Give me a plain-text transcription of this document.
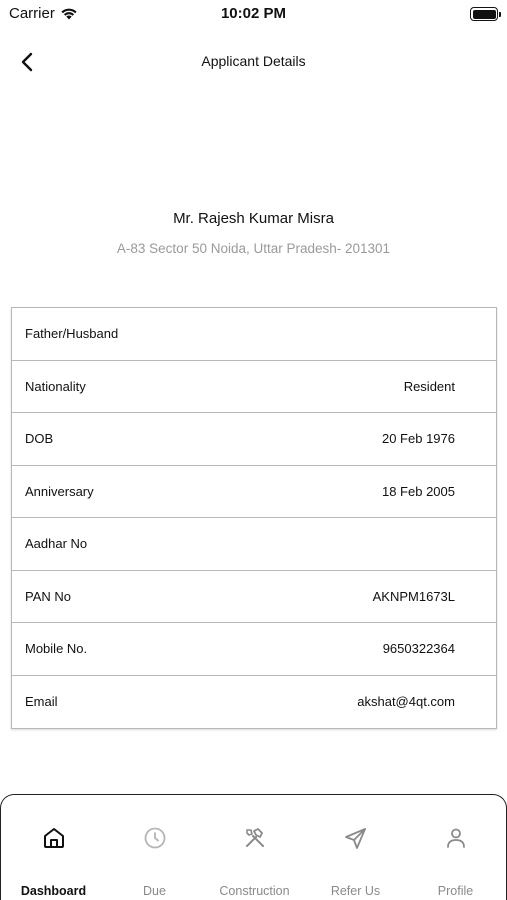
Carrier	10:02 PM
Applicant Details
Mr. Rajesh Kumar Misra
A-83 Sector 50 Noida, Uttar Pradesh- 201301
Father/Husband
Nationality	Resident
DOB	20 Feb 1976
Anniversary	18 Feb 2005
Aadhar No
PAN No	AKNPM1673L
Mobile No.	9650322364
Email	akshat@4qt.com
Dashboard	Due	Construction	Refer Us	Profile
